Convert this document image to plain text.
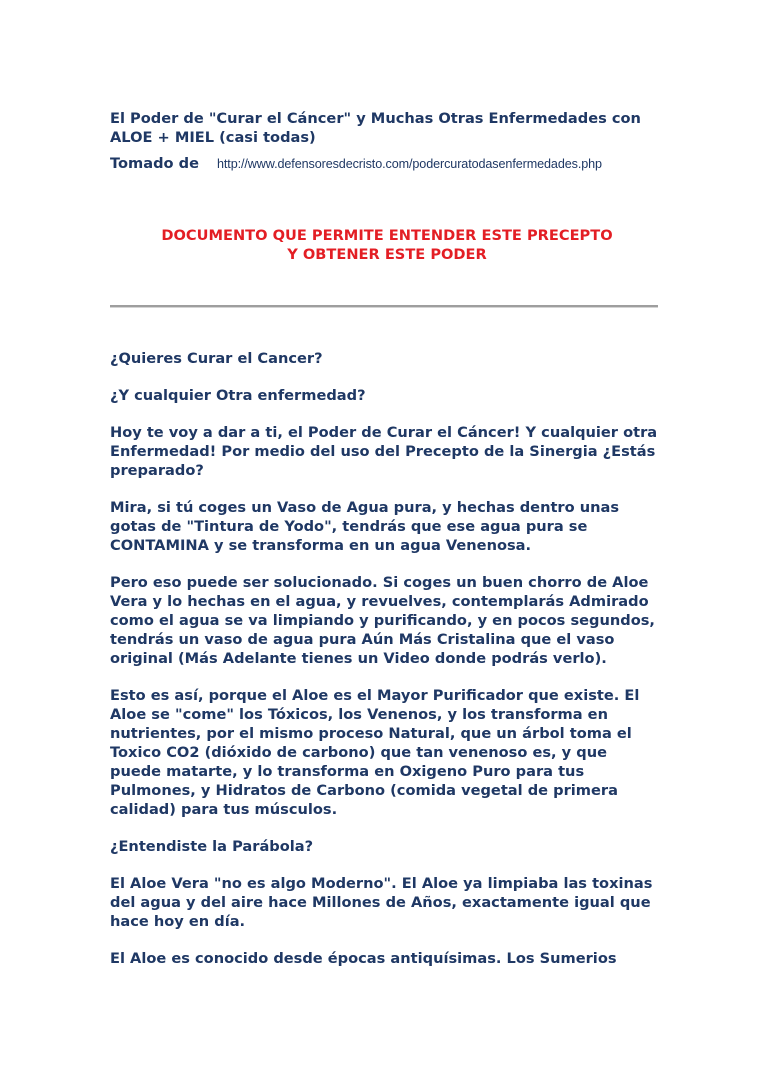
El Poder de "Curar el Cáncer" y Muchas Otras Enfermedades con ALOE + MIEL (casi todas)
Tomado de http://www.defensoresdecristo.com/podercuratodasenfermedades.php
DOCUMENTO QUE PERMITE ENTENDER ESTE PRECEPTO
Y OBTENER ESTE PODER

¿Quieres Curar el Cancer?

¿Y cualquier Otra enfermedad?

Hoy te voy a dar a ti, el Poder de Curar el Cáncer! Y cualquier otra Enfermedad! Por medio del uso del Precepto de la Sinergia ¿Estás preparado?

Mira, si tú coges un Vaso de Agua pura, y hechas dentro unas gotas de "Tintura de Yodo", tendrás que ese agua pura se CONTAMINA y se transforma en un agua Venenosa.

Pero eso puede ser solucionado. Si coges un buen chorro de Aloe Vera y lo hechas en el agua, y revuelves, contemplarás Admirado como el agua se va limpiando y purificando, y en pocos segundos, tendrás un vaso de agua pura Aún Más Cristalina que el vaso original (Más Adelante tienes un Video donde podrás verlo).

Esto es así, porque el Aloe es el Mayor Purificador que existe. El Aloe se "come" los Tóxicos, los Venenos, y los transforma en nutrientes, por el mismo proceso Natural, que un árbol toma el Toxico CO2 (dióxido de carbono) que tan venenoso es, y que puede matarte, y lo transforma en Oxigeno Puro para tus Pulmones, y Hidratos de Carbono (comida vegetal de primera calidad) para tus músculos.

¿Entendiste la Parábola?

El Aloe Vera "no es algo Moderno". El Aloe ya limpiaba las toxinas del agua y del aire hace Millones de Años, exactamente igual que hace hoy en día.

El Aloe es conocido desde épocas antiquísimas. Los Sumerios
